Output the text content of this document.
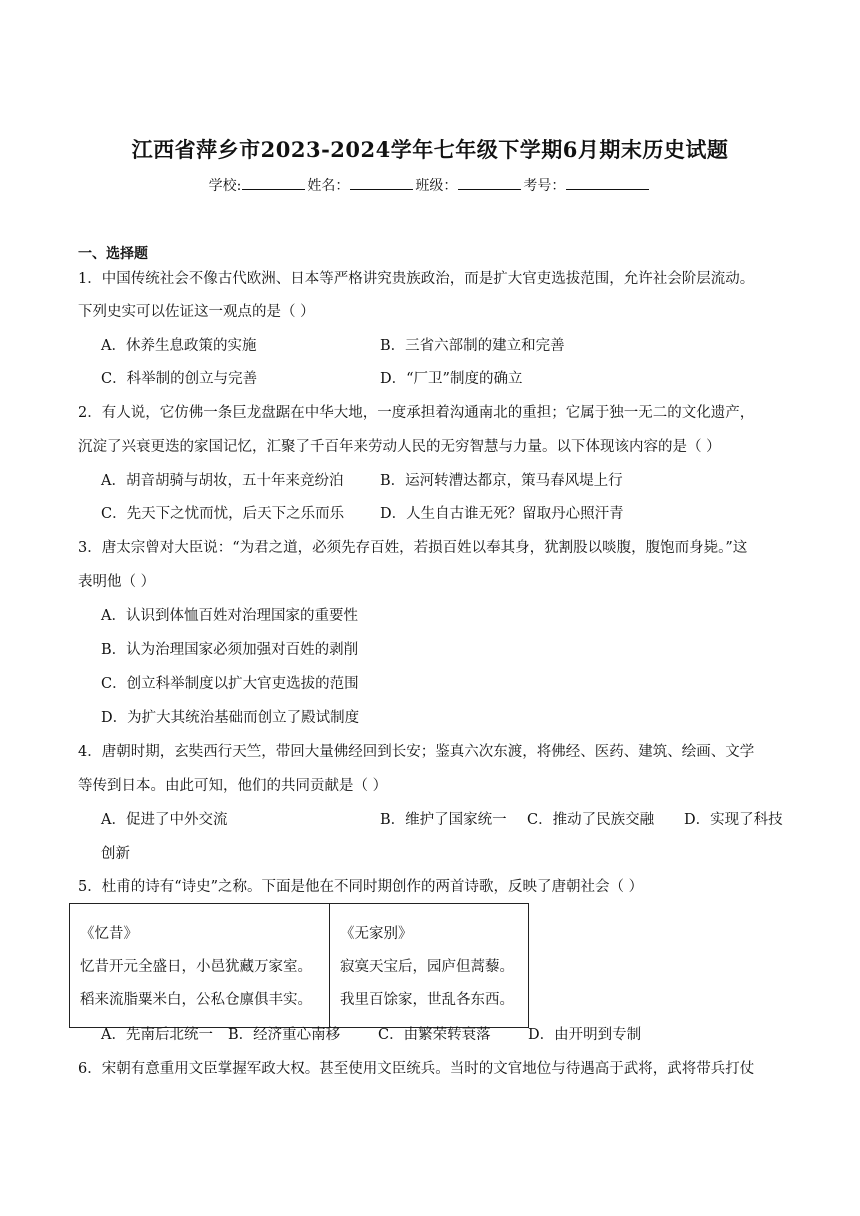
江西省萍乡市2023-2024学年七年级下学期6月期末历史试题
学校:	姓名：	班级：	考号：
一、选择题
1．中国传统社会不像古代欧洲、日本等严格讲究贵族政治，而是扩大官吏选拔范围，允许社会阶层流动。
下列史实可以佐证这一观点的是（ ）
A．休养生息政策的实施	B．三省六部制的建立和完善
C．科举制的创立与完善	D．“厂卫”制度的确立
2．有人说，它仿佛一条巨龙盘踞在中华大地，一度承担着沟通南北的重担；它属于独一无二的文化遗产，
沉淀了兴衰更迭的家国记忆，汇聚了千百年来劳动人民的无穷智慧与力量。以下体现该内容的是（ ）
A．胡音胡骑与胡妆，五十年来竞纷泊	B．运河转漕达都京，策马春风堤上行
C．先天下之忧而忧，后天下之乐而乐 D．人生自古谁无死？留取丹心照汗青
3．唐太宗曾对大臣说：“为君之道，必须先存百姓，若损百姓以奉其身，犹割股以啖腹，腹饱而身毙。”这
表明他（ ）
A．认识到体恤百姓对治理国家的重要性
B．认为治理国家必须加强对百姓的剥削
C．创立科举制度以扩大官吏选拔的范围
D．为扩大其统治基础而创立了殿试制度
4．唐朝时期，玄奘西行天竺，带回大量佛经回到长安；鉴真六次东渡，将佛经、医药、建筑、绘画、文学
等传到日本。由此可知，他们的共同贡献是（ ）
A．促进了中外交流	B．维护了国家统一 C．推动了民族交融 D．实现了科技
创新
5．杜甫的诗有“诗史”之称。下面是他在不同时期创作的两首诗歌，反映了唐朝社会（ ）
《忆昔》
忆昔开元全盛日，小邑犹藏万家室。
稻来流脂粟米白，公私仓廪俱丰实。

《无家别》
寂寞天宝后，园庐但蒿藜。
我里百馀家，世乱各东西。
A．先南后北统一 B．经济重心南移	C．由繁荣转衰落	D．由开明到专制
6．宋朝有意重用文臣掌握军政大权。甚至使用文臣统兵。当时的文官地位与待遇高于武将，武将带兵打仗
